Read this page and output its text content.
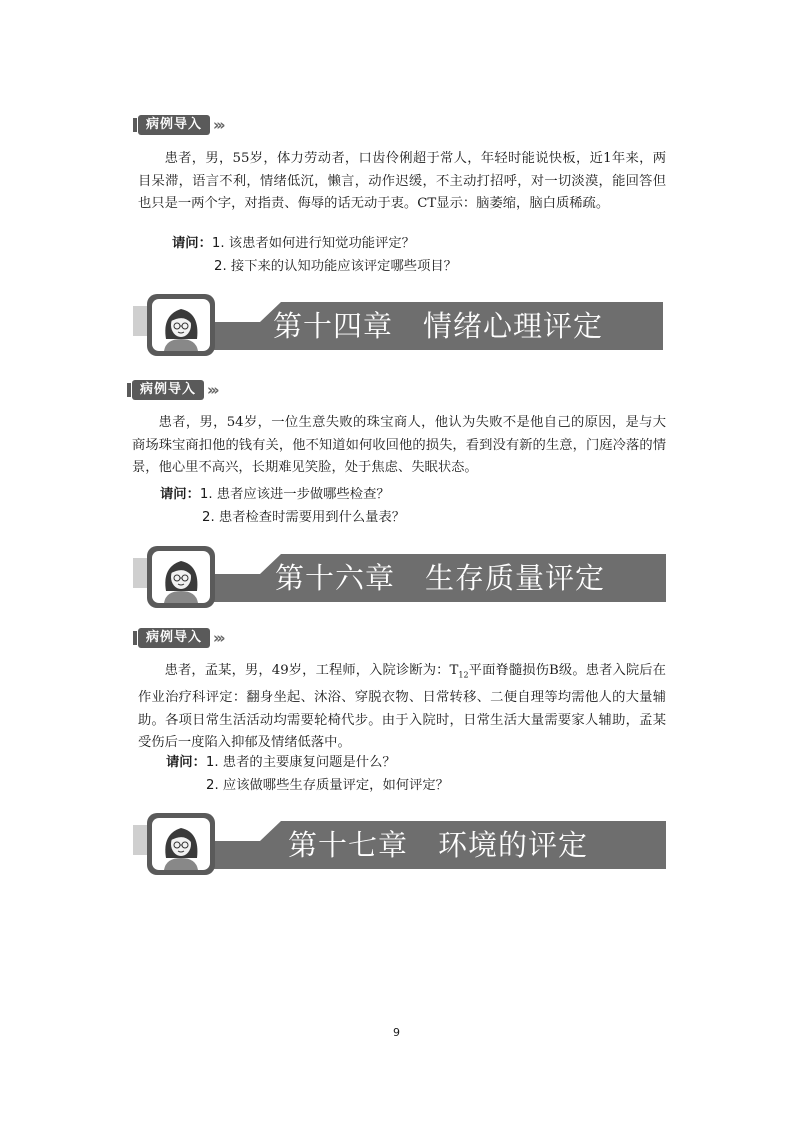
病例导入 ›››

患者，男，55岁，体力劳动者，口齿伶俐超于常人，年轻时能说快板，近1年来，两目呆滞，语言不利，情绪低沉，懒言，动作迟缓，不主动打招呼，对一切淡漠，能回答但也只是一两个字，对指责、侮辱的话无动于衷。CT显示：脑萎缩，脑白质稀疏。

请问：1. 该患者如何进行知觉功能评定？
2. 接下来的认知功能应该评定哪些项目？
第十四章　情绪心理评定
病例导入 ›››

患者，男，54岁，一位生意失败的珠宝商人，他认为失败不是他自己的原因，是与大商场珠宝商扣他的钱有关，他不知道如何收回他的损失，看到没有新的生意，门庭冷落的情景，他心里不高兴，长期难见笑脸，处于焦虑、失眠状态。

请问：1. 患者应该进一步做哪些检查？
2. 患者检查时需要用到什么量表？
第十六章　生存质量评定
病例导入 ›››

患者，孟某，男，49岁，工程师，入院诊断为：$T_{12}$平面脊髓损伤B级。患者入院后在作业治疗科评定：翻身坐起、沐浴、穿脱衣物、日常转移、二便自理等均需他人的大量辅助。各项日常生活活动均需要轮椅代步。由于入院时，日常生活大量需要家人辅助，孟某受伤后一度陷入抑郁及情绪低落中。

请问：1. 患者的主要康复问题是什么？
2. 应该做哪些生存质量评定，如何评定？
第十七章　环境的评定
9
